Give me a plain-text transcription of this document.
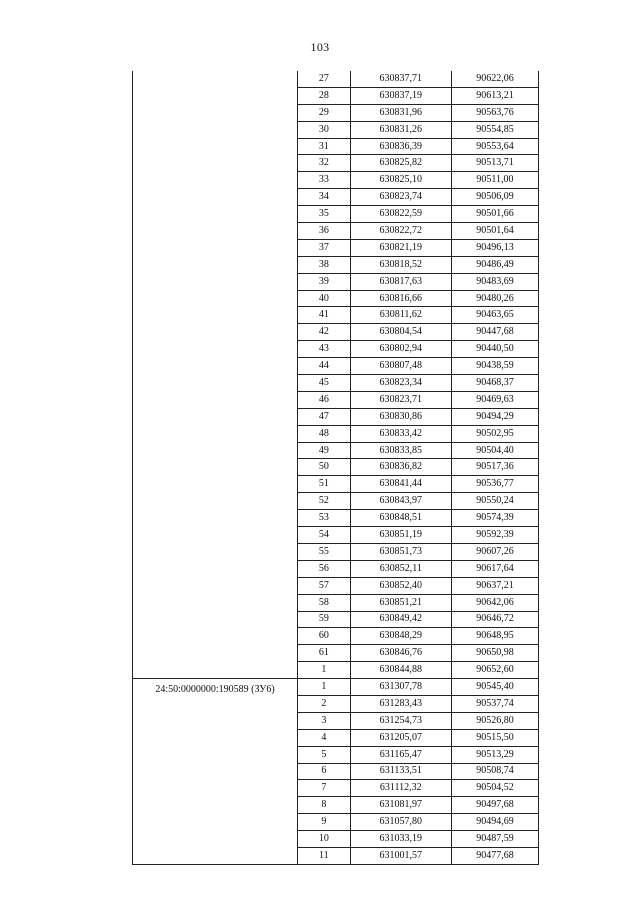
103
	27	630837,71	90622,06
	28	630837,19	90613,21
	29	630831,96	90563,76
	30	630831,26	90554,85
	31	630836,39	90553,64
	32	630825,82	90513,71
	33	630825,10	90511,00
	34	630823,74	90506,09
	35	630822,59	90501,66
	36	630822,72	90501,64
	37	630821,19	90496,13
	38	630818,52	90486,49
	39	630817,63	90483,69
	40	630816,66	90480,26
	41	630811,62	90463,65
	42	630804,54	90447,68
	43	630802,94	90440,50
	44	630807,48	90438,59
	45	630823,34	90468,37
	46	630823,71	90469,63
	47	630830,86	90494,29
	48	630833,42	90502,95
	49	630833,85	90504,40
	50	630836,82	90517,36
	51	630841,44	90536,77
	52	630843,97	90550,24
	53	630848,51	90574,39
	54	630851,19	90592,39
	55	630851,73	90607,26
	56	630852,11	90617,64
	57	630852,40	90637,21
	58	630851,21	90642,06
	59	630849,42	90646,72
	60	630848,29	90648,95
	61	630846,76	90650,98
	1	630844,88	90652,60
24:50:0000000:190589 (ЗУ6)	1	631307,78	90545,40
	2	631283,43	90537,74
	3	631254,73	90526,80
	4	631205,07	90515,50
	5	631165,47	90513,29
	6	631133,51	90508,74
	7	631112,32	90504,52
	8	631081,97	90497,68
	9	631057,80	90494,69
	10	631033,19	90487,59
	11	631001,57	90477,68
